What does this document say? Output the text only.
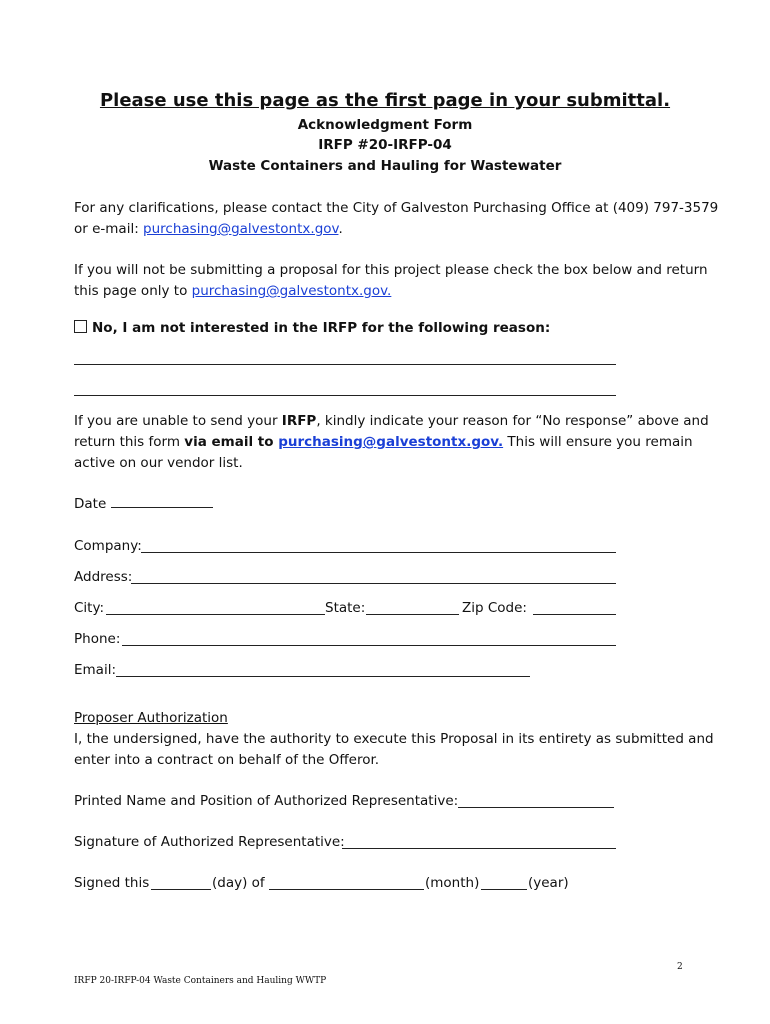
Please use this page as the first page in your submittal.
Acknowledgment Form
IRFP #20-IRFP-04
Waste Containers and Hauling for Wastewater
For any clarifications, please contact the City of Galveston Purchasing Office at (409) 797-3579
or e-mail: purchasing@galvestontx.gov.
If you will not be submitting a proposal for this project please check the box below and return
this page only to purchasing@galvestontx.gov.
No, I am not interested in the IRFP for the following reason:
If you are unable to send your IRFP, kindly indicate your reason for “No response” above and
return this form via email to purchasing@galvestontx.gov. This will ensure you remain
active on our vendor list.
Date
Company:
Address:
City:	State:	Zip Code:
Phone:
Email:
Proposer Authorization
I, the undersigned, have the authority to execute this Proposal in its entirety as submitted and
enter into a contract on behalf of the Offeror.
Printed Name and Position of Authorized Representative:
Signature of Authorized Representative:
Signed this	(day) of	(month)	(year)
2
IRFP 20-IRFP-04 Waste Containers and Hauling WWTP
